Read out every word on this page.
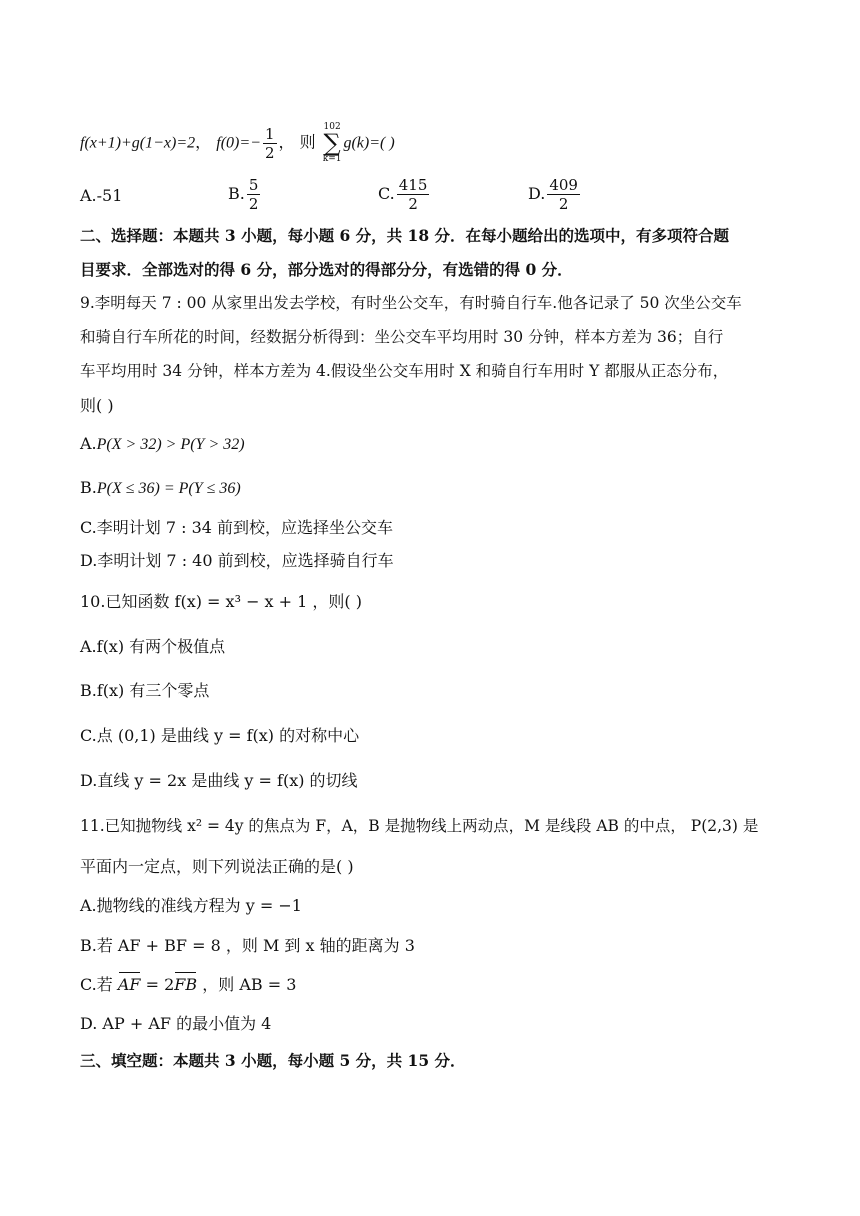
f(x+1)+g(1−x)=2， $f(0)=- \frac{1}{2}$ ， 则
102
∑
k=1
g(k)=( )
A.-51	B. $\frac{5}{2}$	C. $\frac{415}{2}$	D. $\frac{409}{2}$
二、选择题：本题共 3 小题，每小题 6 分，共 18 分．在每小题给出的选项中，有多项符合题
目要求．全部选对的得 6 分，部分选对的得部分分，有选错的得 0 分．
9.李明每天 7 : 00 从家里出发去学校，有时坐公交车，有时骑自行车.他各记录了 50 次坐公交车
和骑自行车所花的时间，经数据分析得到：坐公交车平均用时 30 分钟，样本方差为 36；自行
车平均用时 34 分钟，样本方差为 4.假设坐公交车用时 X 和骑自行车用时 Y 都服从正态分布，
则( )
A.P(X > 32) > P(Y > 32)
B.P(X ≤ 36) = P(Y ≤ 36)
C.李明计划 7 : 34 前到校，应选择坐公交车
D.李明计划 7 : 40 前到校，应选择骑自行车
10.已知函数 f(x) = x³ − x + 1 ，则( )
A.f(x) 有两个极值点
B.f(x) 有三个零点
C.点 (0,1) 是曲线 y = f(x) 的对称中心
D.直线 y = 2x 是曲线 y = f(x) 的切线
11.已知抛物线 x² = 4y 的焦点为 F，A，B 是抛物线上两动点，M 是线段 AB 的中点， P(2,3) 是
平面内一定点，则下列说法正确的是( )
A.抛物线的准线方程为 y = −1
B.若 AF + BF = 8 ，则 M 到 x 轴的距离为 3
C.若 AF = 2FB ，则 AB = 3
D. AP + AF 的最小值为 4
三、填空题：本题共 3 小题，每小题 5 分，共 15 分．
